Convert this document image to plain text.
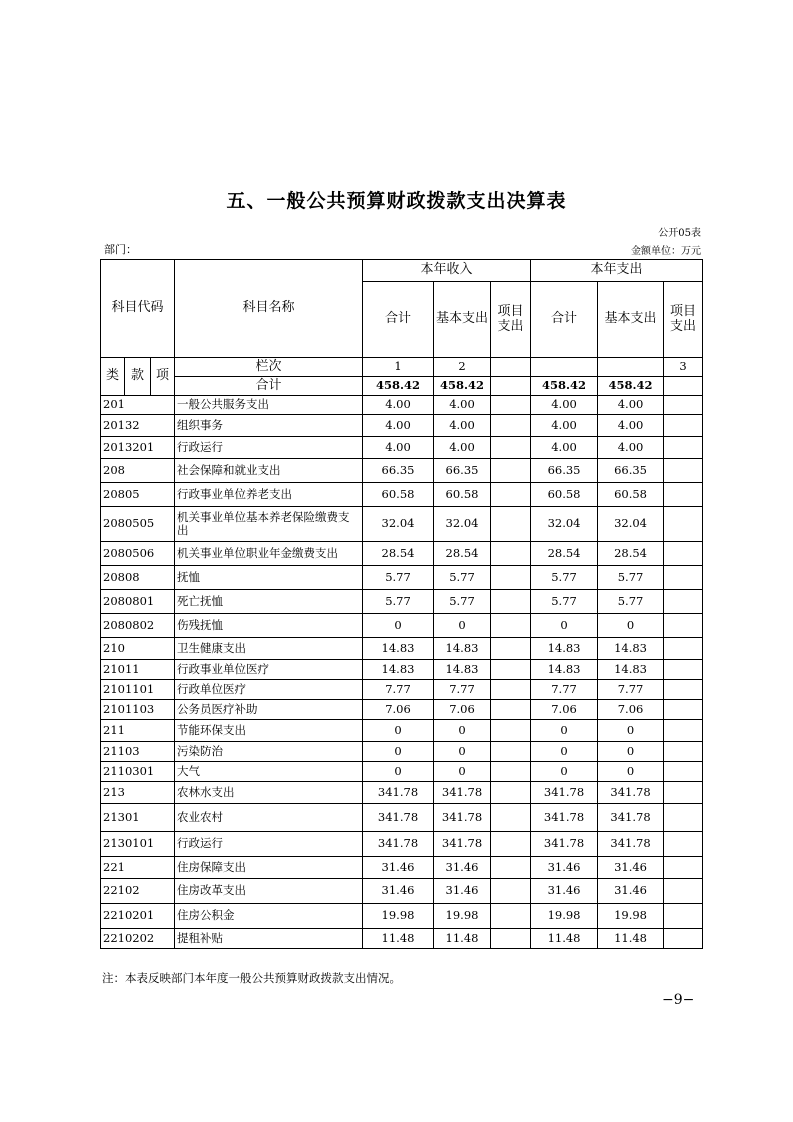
五、一般公共预算财政拨款支出决算表
公开05表
部门：	金额单位：万元
科目代码			科目名称	本年收入			本年支出		
				合计	基本支出	项目支出	合计	基本支出	项目支出
类	款	项	栏次	1	2				3
			合计	458.42	458.42		458.42	458.42	
201			一般公共服务支出	4.00	4.00		4.00	4.00	
20132			组织事务	4.00	4.00		4.00	4.00	
2013201			行政运行	4.00	4.00		4.00	4.00	
208			社会保障和就业支出	66.35	66.35		66.35	66.35	
20805			行政事业单位养老支出	60.58	60.58		60.58	60.58	
2080505			机关事业单位基本养老保险缴费支出	32.04	32.04		32.04	32.04	
2080506			机关事业单位职业年金缴费支出	28.54	28.54		28.54	28.54	
20808			抚恤	5.77	5.77		5.77	5.77	
2080801			死亡抚恤	5.77	5.77		5.77	5.77	
2080802			伤残抚恤	0	0		0	0	
210			卫生健康支出	14.83	14.83		14.83	14.83	
21011			行政事业单位医疗	14.83	14.83		14.83	14.83	
2101101			行政单位医疗	7.77	7.77		7.77	7.77	
2101103			公务员医疗补助	7.06	7.06		7.06	7.06	
211			节能环保支出	0	0		0	0	
21103			污染防治	0	0		0	0	
2110301			大气	0	0		0	0	
213			农林水支出	341.78	341.78		341.78	341.78	
21301			农业农村	341.78	341.78		341.78	341.78	
2130101			行政运行	341.78	341.78		341.78	341.78	
221			住房保障支出	31.46	31.46		31.46	31.46	
22102			住房改革支出	31.46	31.46		31.46	31.46	
2210201			住房公积金	19.98	19.98		19.98	19.98	
2210202			提租补贴	11.48	11.48		11.48	11.48	
注：本表反映部门本年度一般公共预算财政拨款支出情况。
−9−
